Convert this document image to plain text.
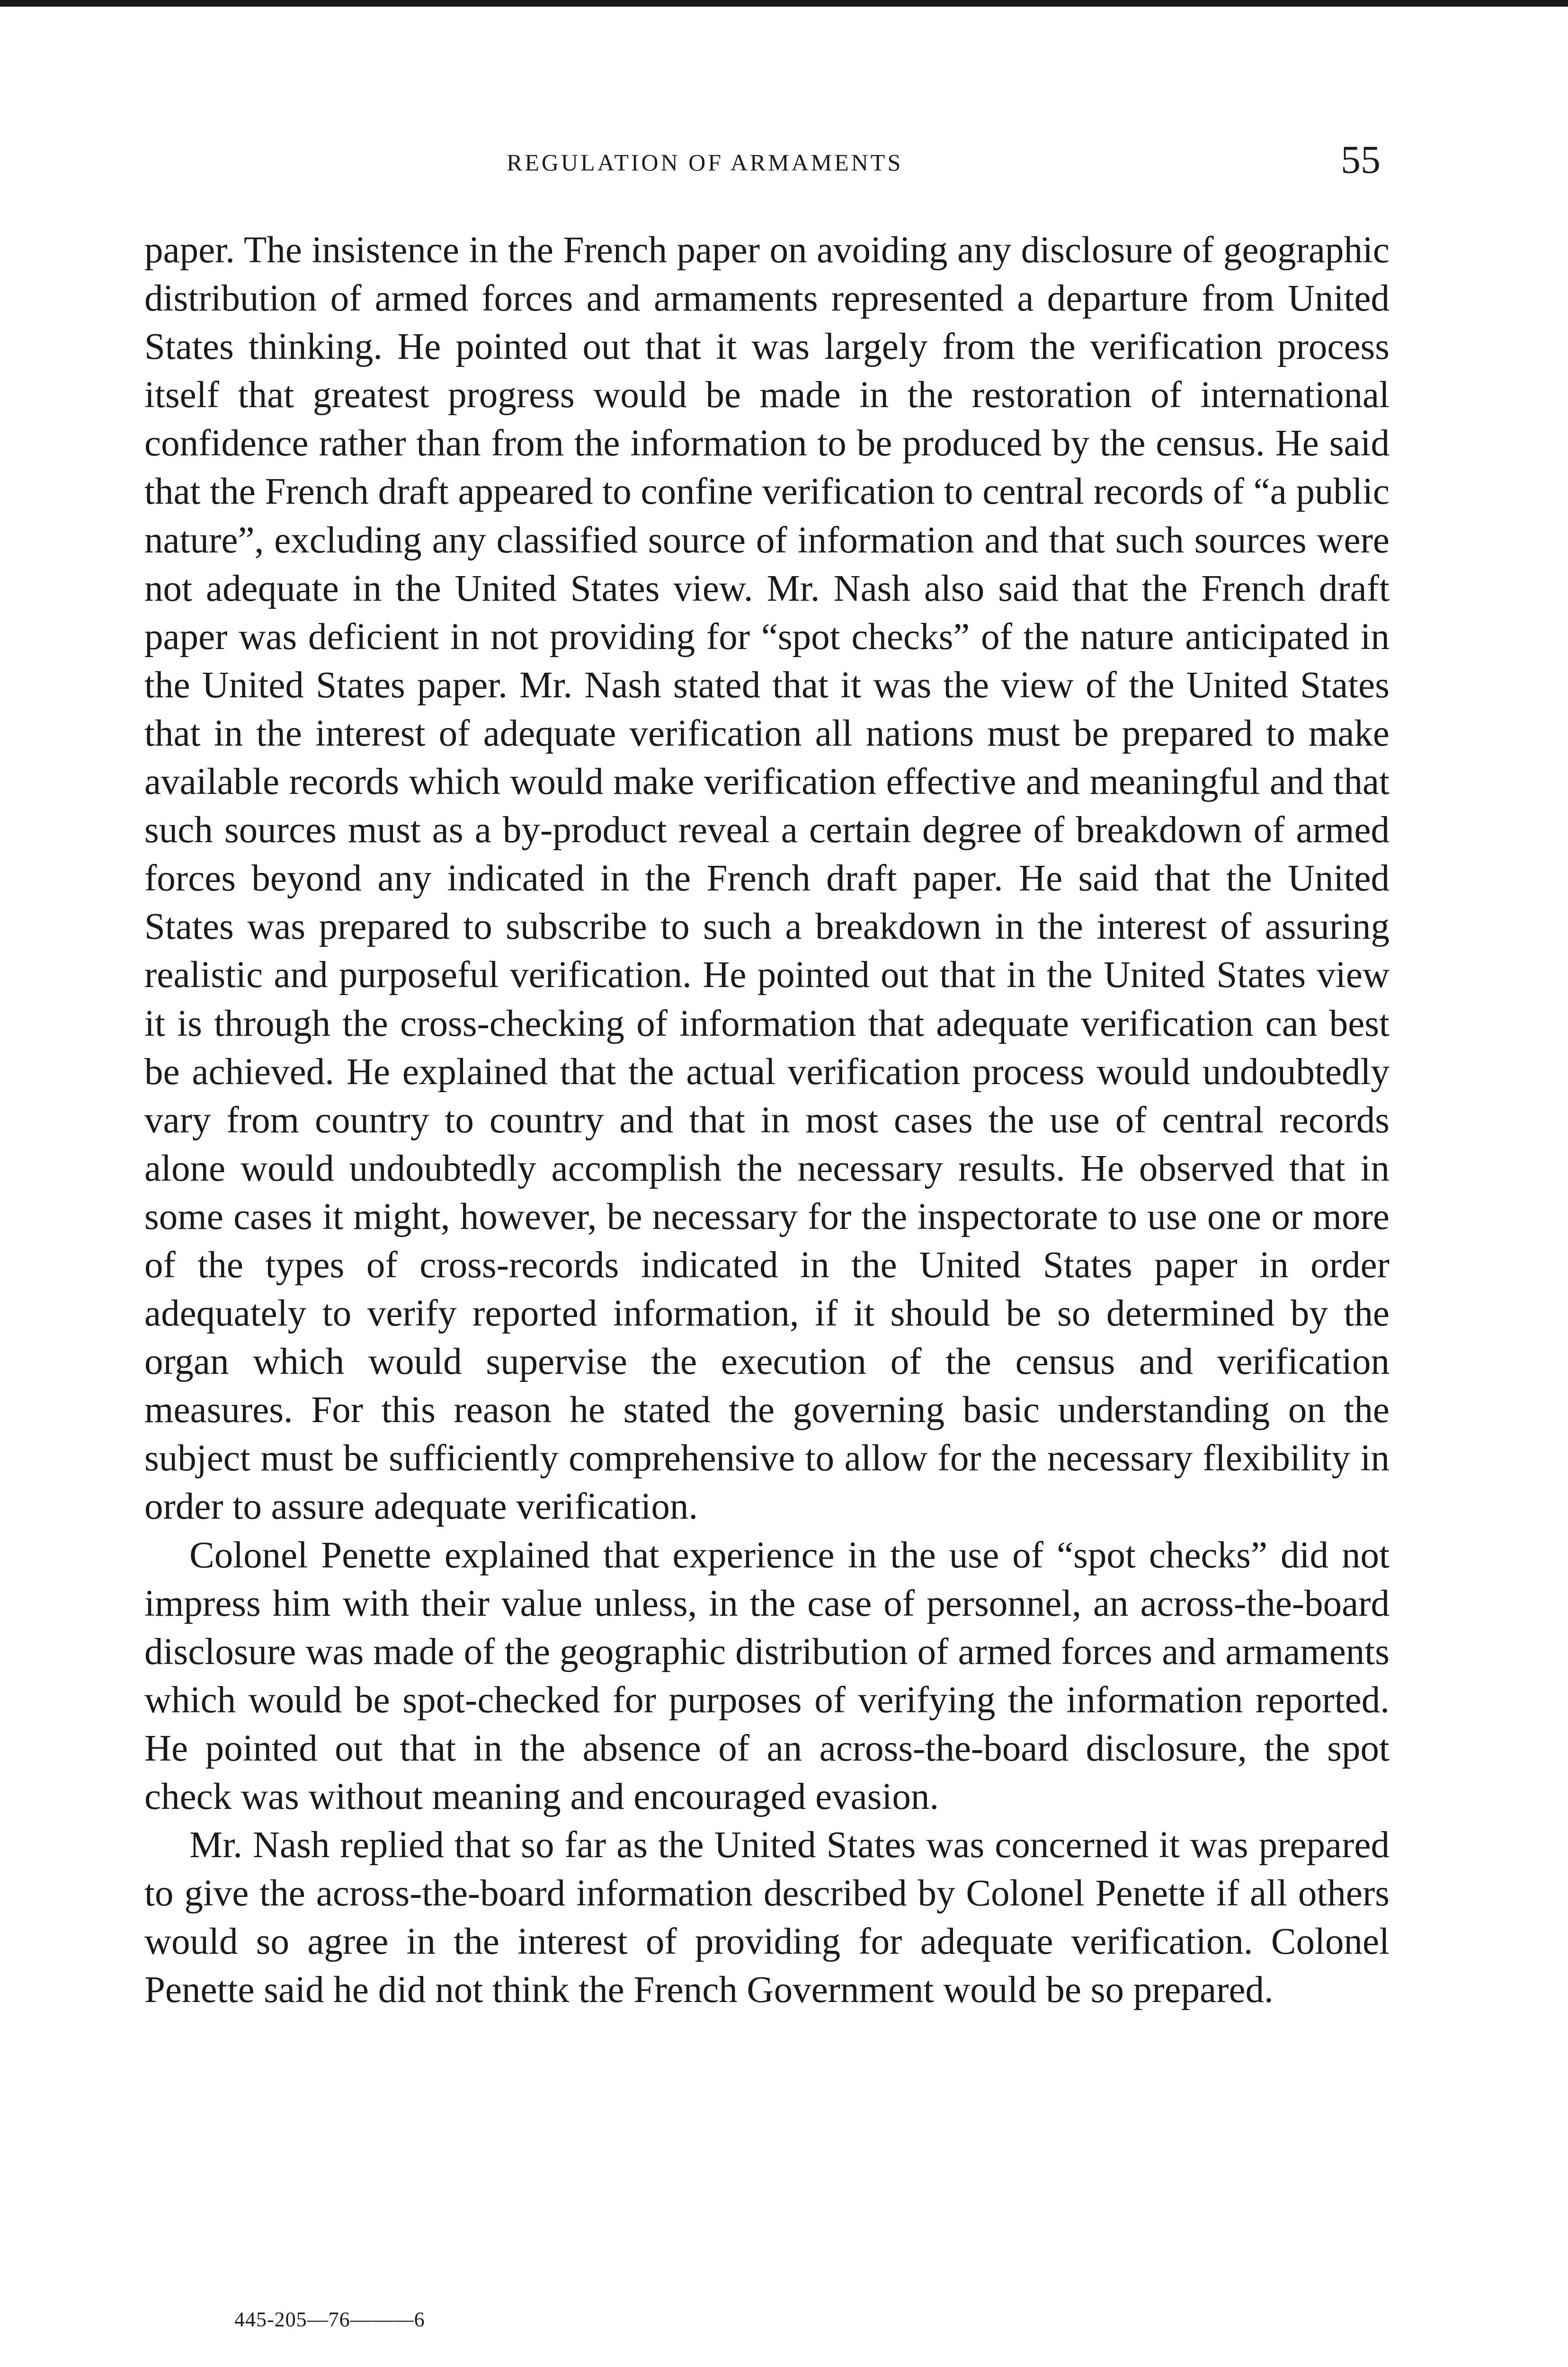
REGULATION OF ARMAMENTS	55

paper. The insistence in the French paper on avoiding any disclosure of geographic distribution of armed forces and armaments represented a departure from United States thinking. He pointed out that it was largely from the verification process itself that greatest progress would be made in the restoration of international confidence rather than from the information to be produced by the census. He said that the French draft appeared to confine verification to central records of “a public nature”, excluding any classified source of information and that such sources were not adequate in the United States view. Mr. Nash also said that the French draft paper was deficient in not providing for “spot checks” of the nature anticipated in the United States paper. Mr. Nash stated that it was the view of the United States that in the interest of adequate verification all nations must be prepared to make available records which would make verification effective and meaningful and that such sources must as a by-product reveal a certain degree of breakdown of armed forces beyond any indicated in the French draft paper. He said that the United States was prepared to subscribe to such a breakdown in the interest of assuring realistic and purposeful verification. He pointed out that in the United States view it is through the cross-checking of information that adequate verification can best be achieved. He explained that the actual verification process would undoubtedly vary from country to country and that in most cases the use of central records alone would undoubtedly accomplish the necessary results. He observed that in some cases it might, however, be necessary for the inspectorate to use one or more of the types of cross-records indicated in the United States paper in order adequately to verify reported information, if it should be so determined by the organ which would supervise the execution of the census and verification measures. For this reason he stated the governing basic understanding on the subject must be sufficiently comprehensive to allow for the necessary flexibility in order to assure adequate verification.

Colonel Penette explained that experience in the use of “spot checks” did not impress him with their value unless, in the case of personnel, an across-the-board disclosure was made of the geographic distribution of armed forces and armaments which would be spot-checked for purposes of verifying the information reported. He pointed out that in the absence of an across-the-board disclosure, the spot check was without meaning and encouraged evasion.

Mr. Nash replied that so far as the United States was concerned it was prepared to give the across-the-board information described by Colonel Penette if all others would so agree in the interest of providing for adequate verification. Colonel Penette said he did not think the French Government would be so prepared.

445-205—76———6
